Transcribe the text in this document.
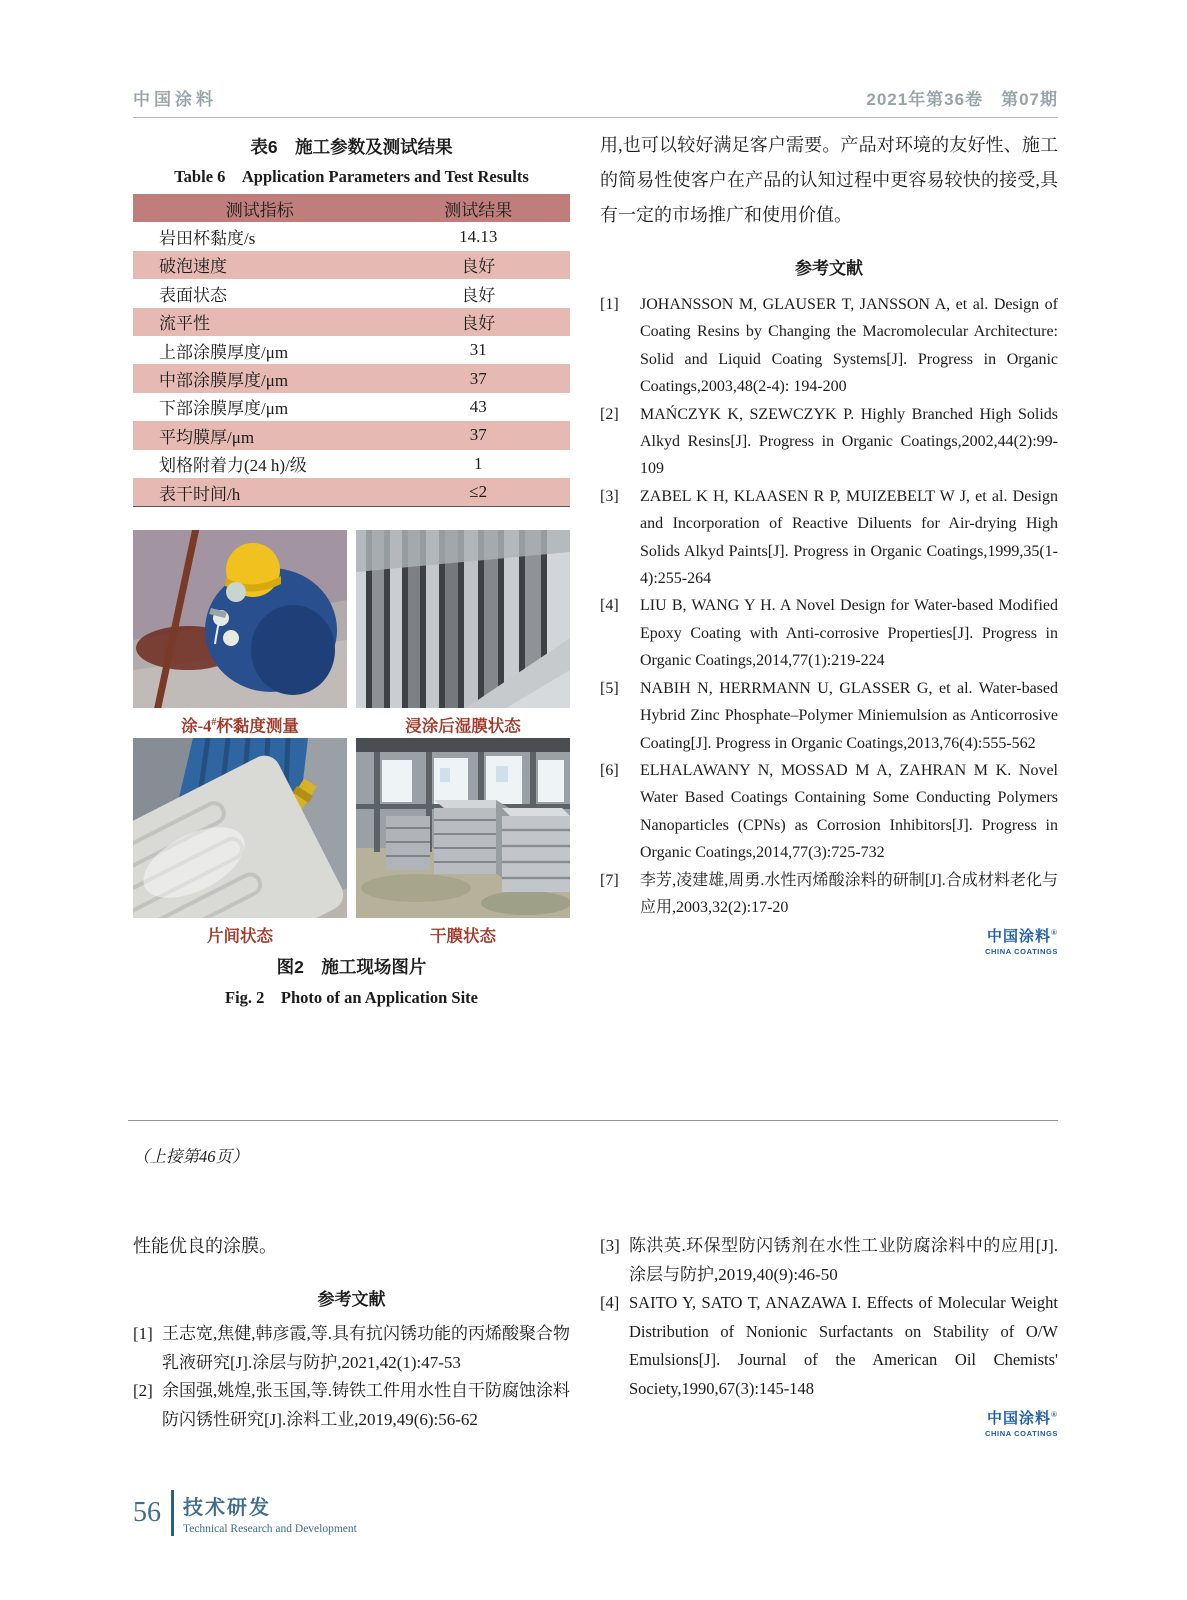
中国涂料	2021年第36卷　第07期
表6　施工参数及测试结果
Table 6　Application Parameters and Test Results
测试指标	测试结果
岩田杯黏度/s	14.13
破泡速度	良好
表面状态	良好
流平性	良好
上部涂膜厚度/μm	31
中部涂膜厚度/μm	37
下部涂膜厚度/μm	43
平均膜厚/μm	37
划格附着力(24 h)/级	1
表干时间/h	≤2
涂-4#杯黏度测量	浸涂后湿膜状态
片间状态	干膜状态
图2　施工现场图片
Fig. 2　Photo of an Application Site
用,也可以较好满足客户需要。产品对环境的友好性、施工的简易性使客户在产品的认知过程中更容易较快的接受,具有一定的市场推广和使用价值。
参考文献
[1] JOHANSSON M, GLAUSER T, JANSSON A, et al. Design of Coating Resins by Changing the Macromolecular Architecture: Solid and Liquid Coating Systems[J]. Progress in Organic Coatings,2003,48(2-4): 194-200
[2] MAŃCZYK K, SZEWCZYK P. Highly Branched High Solids Alkyd Resins[J]. Progress in Organic Coatings,2002,44(2):99-109
[3] ZABEL K H, KLAASEN R P, MUIZEBELT W J, et al. Design and Incorporation of Reactive Diluents for Air-drying High Solids Alkyd Paints[J]. Progress in Organic Coatings,1999,35(1-4):255-264
[4] LIU B, WANG Y H. A Novel Design for Water-based Modified Epoxy Coating with Anti-corrosive Properties[J]. Progress in Organic Coatings,2014,77(1):219-224
[5] NABIH N, HERRMANN U, GLASSER G, et al. Water-based Hybrid Zinc Phosphate–Polymer Miniemulsion as Anticorrosive Coating[J]. Progress in Organic Coatings,2013,76(4):555-562
[6] ELHALAWANY N, MOSSAD M A, ZAHRAN M K. Novel Water Based Coatings Containing Some Conducting Polymers Nanoparticles (CPNs) as Corrosion Inhibitors[J]. Progress in Organic Coatings,2014,77(3):725-732
[7] 李芳,凌建雄,周勇.水性丙烯酸涂料的研制[J].合成材料老化与应用,2003,32(2):17-20
中国涂料®
CHINA COATINGS
（上接第46页）
性能优良的涂膜。
参考文献
[1] 王志宽,焦健,韩彦霞,等.具有抗闪锈功能的丙烯酸聚合物乳液研究[J].涂层与防护,2021,42(1):47-53
[2] 余国强,姚煌,张玉国,等.铸铁工件用水性自干防腐蚀涂料防闪锈性研究[J].涂料工业,2019,49(6):56-62
[3] 陈洪英.环保型防闪锈剂在水性工业防腐涂料中的应用[J].涂层与防护,2019,40(9):46-50
[4] SAITO Y, SATO T, ANAZAWA I. Effects of Molecular Weight Distribution of Nonionic Surfactants on Stability of O/W Emulsions[J]. Journal of the American Oil Chemists' Society,1990,67(3):145-148
中国涂料®
CHINA COATINGS
56 技术研发
Technical Research and Development
